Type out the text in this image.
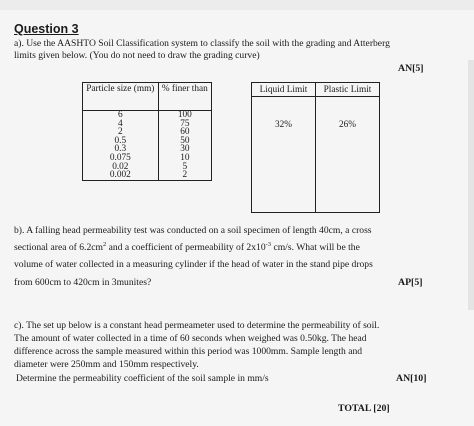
Question 3
a). Use the AASHTO Soil Classification system to classify the soil with the grading and Atterberg
limits given below. (You do not need to draw the grading curve)
AN[5]
Particle size (mm)	% finer than
6	100
4	75
2	60
0.5	50
0.3	30
0.075	10
0.02	5
0.002	2
Liquid Limit	Plastic Limit
32%	26%
b). A falling head permeability test was conducted on a soil specimen of length 40cm, a cross
sectional area of $6.2cm^2$ and a coefficient of permeability of $2x10^{-3}$ cm/s. What will be the
volume of water collected in a measuring cylinder if the head of water in the stand pipe drops
from 600cm to 420cm in 3munites?	AP[5]
c). The set up below is a constant head permeameter used to determine the permeability of soil.
The amount of water collected in a time of 60 seconds when weighed was 0.50kg. The head
difference across the sample measured within this period was 1000mm. Sample length and
diameter were 250mm and 150mm respectively.
Determine the permeability coefficient of the soil sample in mm/s	AN[10]
TOTAL [20]
